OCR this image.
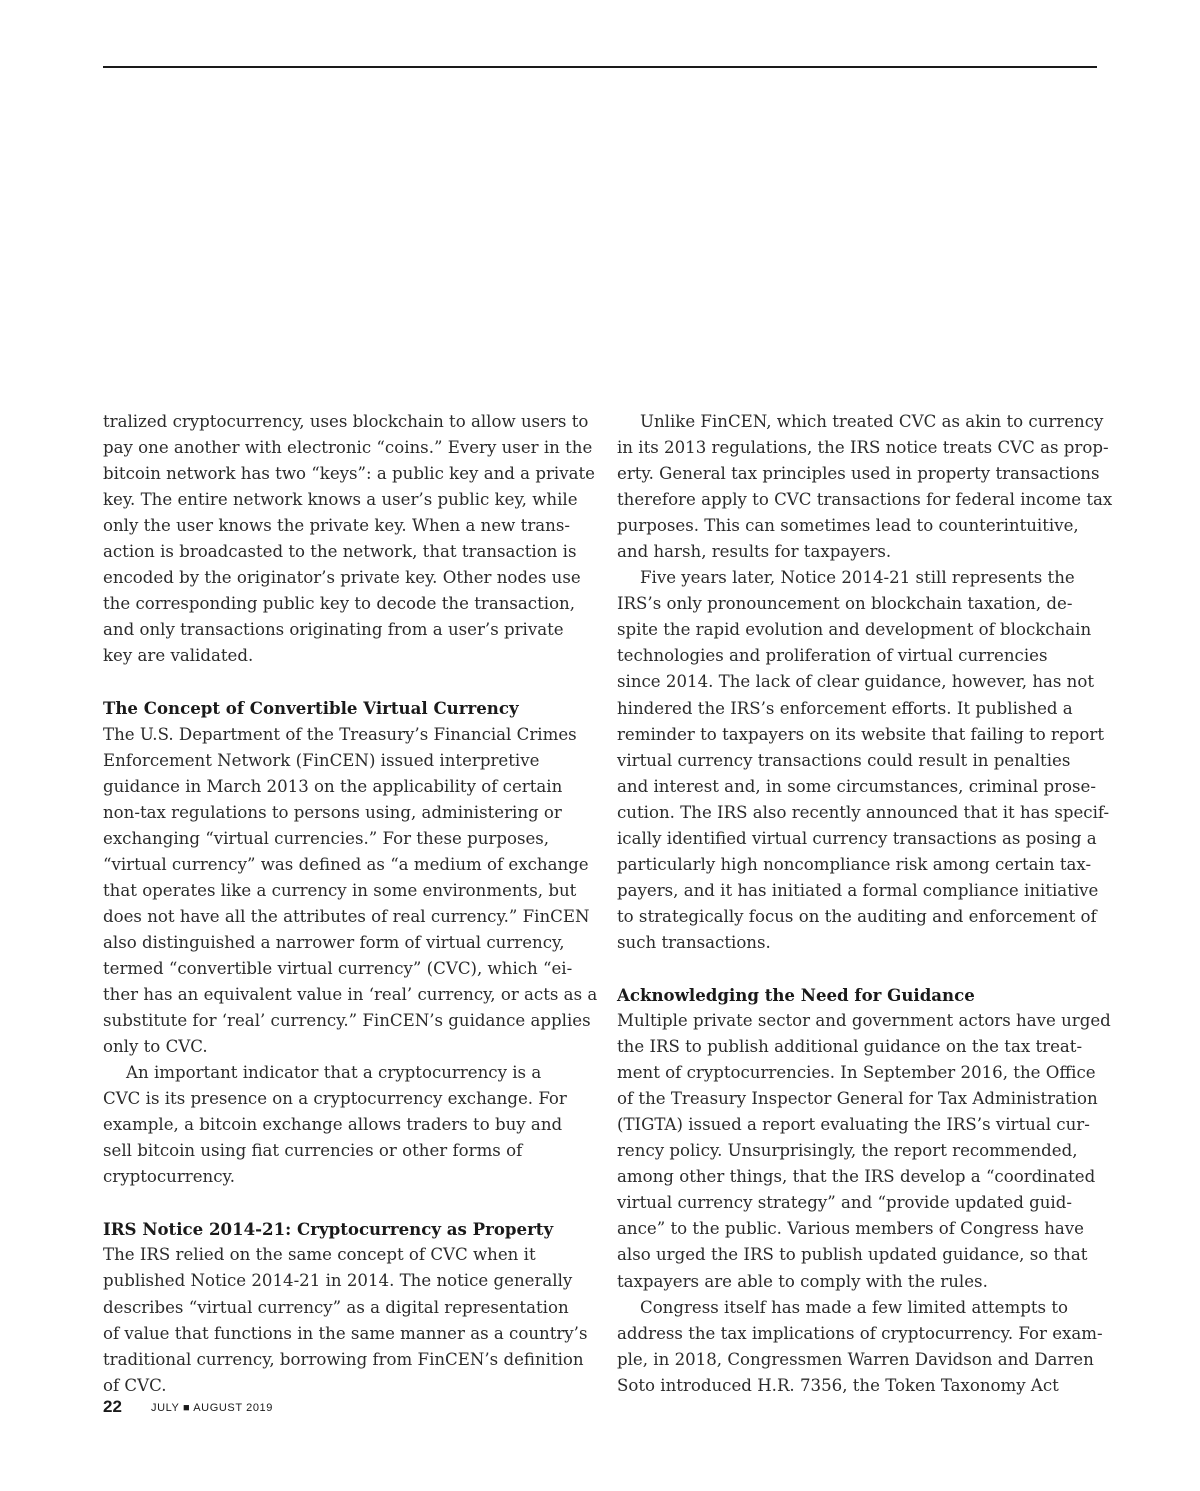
tralized cryptocurrency, uses blockchain to allow users to
pay one another with electronic “coins.” Every user in the
bitcoin network has two “keys”: a public key and a private
key. The entire network knows a user’s public key, while
only the user knows the private key. When a new trans-
action is broadcasted to the network, that transaction is
encoded by the originator’s private key. Other nodes use
the corresponding public key to decode the transaction,
and only transactions originating from a user’s private
key are validated.

The Concept of Convertible Virtual Currency

The U.S. Department of the Treasury’s Financial Crimes
Enforcement Network (FinCEN) issued interpretive
guidance in March 2013 on the applicability of certain
non-tax regulations to persons using, administering or
exchanging “virtual currencies.” For these purposes,
“virtual currency” was defined as “a medium of exchange
that operates like a currency in some environments, but
does not have all the attributes of real currency.” FinCEN
also distinguished a narrower form of virtual currency,
termed “convertible virtual currency” (CVC), which “ei-
ther has an equivalent value in ‘real’ currency, or acts as a
substitute for ‘real’ currency.” FinCEN’s guidance applies
only to CVC.

An important indicator that a cryptocurrency is a
CVC is its presence on a cryptocurrency exchange. For
example, a bitcoin exchange allows traders to buy and
sell bitcoin using fiat currencies or other forms of
cryptocurrency.

IRS Notice 2014-21: Cryptocurrency as Property

The IRS relied on the same concept of CVC when it
published Notice 2014-21 in 2014. The notice generally
describes “virtual currency” as a digital representation
of value that functions in the same manner as a country’s
traditional currency, borrowing from FinCEN’s definition
of CVC.

Unlike FinCEN, which treated CVC as akin to currency
in its 2013 regulations, the IRS notice treats CVC as prop-
erty. General tax principles used in property transactions
therefore apply to CVC transactions for federal income tax
purposes. This can sometimes lead to counterintuitive,
and harsh, results for taxpayers.

Five years later, Notice 2014-21 still represents the
IRS’s only pronouncement on blockchain taxation, de-
spite the rapid evolution and development of blockchain
technologies and proliferation of virtual currencies
since 2014. The lack of clear guidance, however, has not
hindered the IRS’s enforcement efforts. It published a
reminder to taxpayers on its website that failing to report
virtual currency transactions could result in penalties
and interest and, in some circumstances, criminal prose-
cution. The IRS also recently announced that it has specif-
ically identified virtual currency transactions as posing a
particularly high noncompliance risk among certain tax-
payers, and it has initiated a formal compliance initiative
to strategically focus on the auditing and enforcement of
such transactions.

Acknowledging the Need for Guidance

Multiple private sector and government actors have urged
the IRS to publish additional guidance on the tax treat-
ment of cryptocurrencies. In September 2016, the Office
of the Treasury Inspector General for Tax Administration
(TIGTA) issued a report evaluating the IRS’s virtual cur-
rency policy. Unsurprisingly, the report recommended,
among other things, that the IRS develop a “coordinated
virtual currency strategy” and “provide updated guid-
ance” to the public. Various members of Congress have
also urged the IRS to publish updated guidance, so that
taxpayers are able to comply with the rules.

Congress itself has made a few limited attempts to
address the tax implications of cryptocurrency. For exam-
ple, in 2018, Congressmen Warren Davidson and Darren
Soto introduced H.R. 7356, the Token Taxonomy Act

22	JULY ■ AUGUST 2019
